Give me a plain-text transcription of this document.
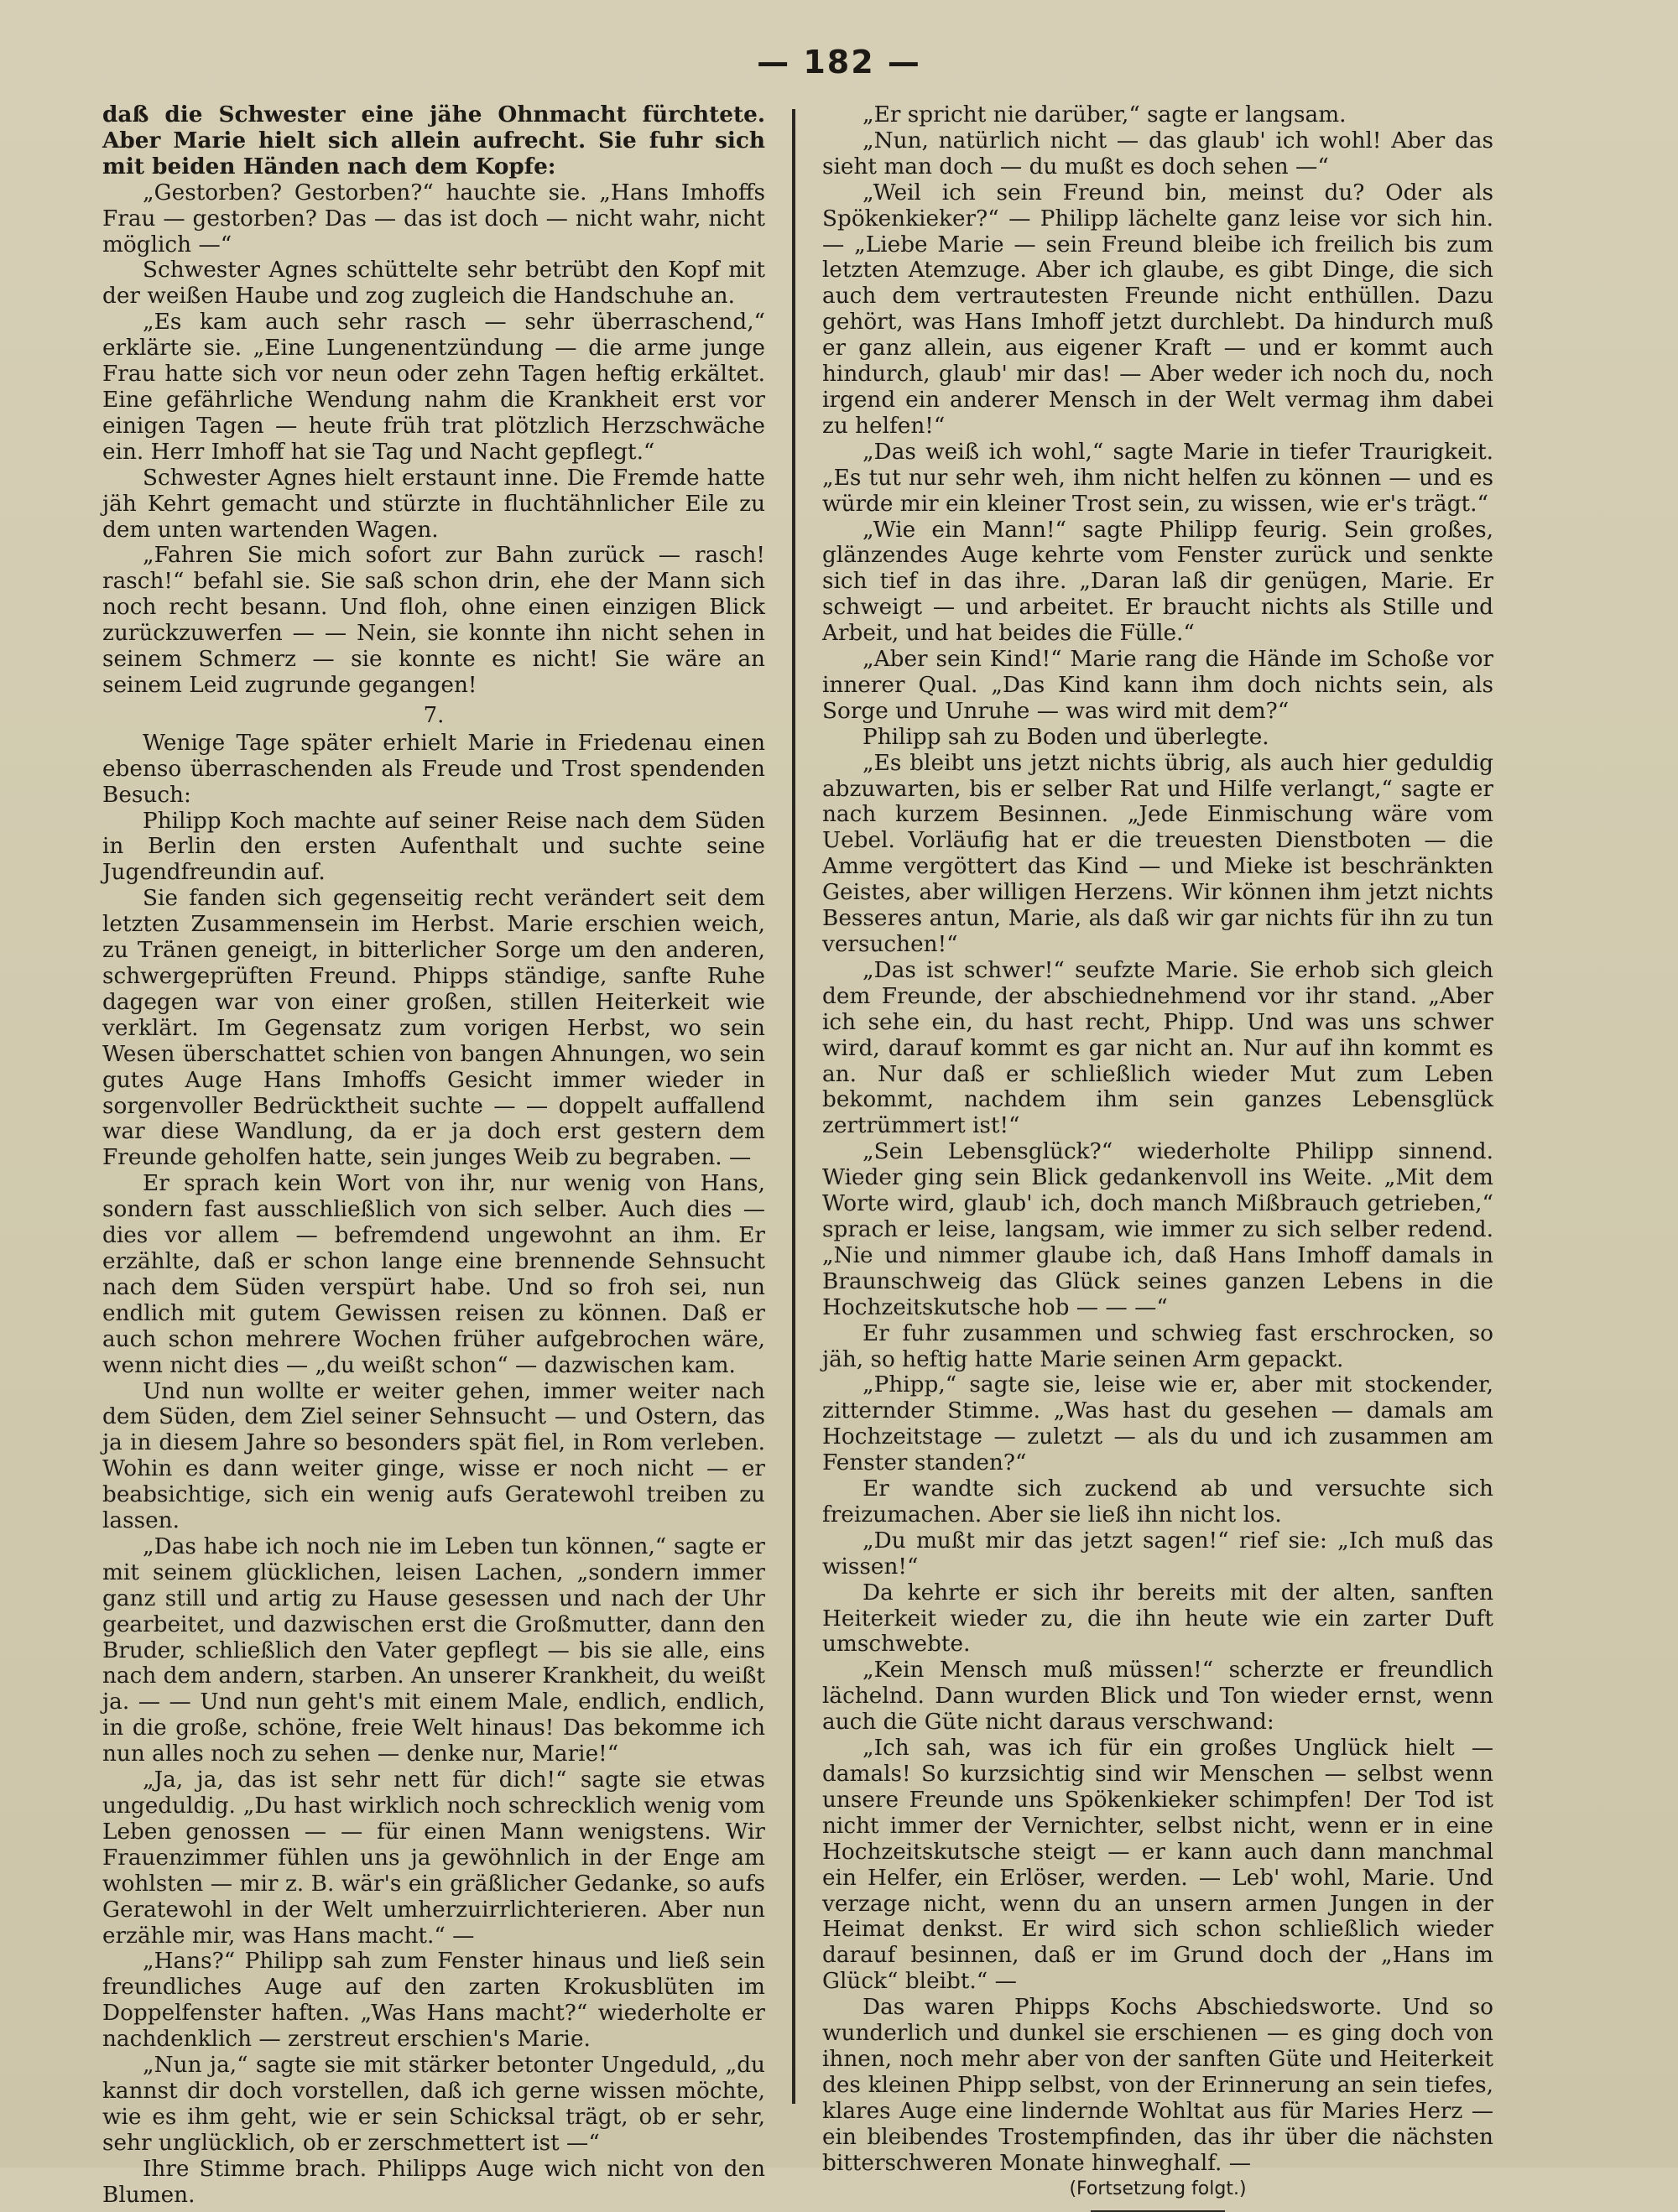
— 182 —

daß die Schwester eine jähe Ohnmacht fürchtete. Aber Marie hielt sich allein aufrecht. Sie fuhr sich mit beiden Händen nach dem Kopfe:

„Gestorben? Gestorben?“ hauchte sie. „Hans Imhoffs Frau — gestorben? Das — das ist doch — nicht wahr, nicht möglich —“

Schwester Agnes schüttelte sehr betrübt den Kopf mit der weißen Haube und zog zugleich die Handschuhe an.

„Es kam auch sehr rasch — sehr überraschend,“ erklärte sie. „Eine Lungenentzündung — die arme junge Frau hatte sich vor neun oder zehn Tagen heftig erkältet. Eine gefährliche Wendung nahm die Krankheit erst vor einigen Tagen — heute früh trat plötzlich Herzschwäche ein. Herr Imhoff hat sie Tag und Nacht gepflegt.“

Schwester Agnes hielt erstaunt inne. Die Fremde hatte jäh Kehrt gemacht und stürzte in fluchtähnlicher Eile zu dem unten wartenden Wagen.

„Fahren Sie mich sofort zur Bahn zurück — rasch! rasch!“ befahl sie. Sie saß schon drin, ehe der Mann sich noch recht besann. Und floh, ohne einen einzigen Blick zurückzuwerfen — — Nein, sie konnte ihn nicht sehen in seinem Schmerz — sie konnte es nicht! Sie wäre an seinem Leid zugrunde gegangen!

7.

Wenige Tage später erhielt Marie in Friedenau einen ebenso überraschenden als Freude und Trost spendenden Besuch:

Philipp Koch machte auf seiner Reise nach dem Süden in Berlin den ersten Aufenthalt und suchte seine Jugendfreundin auf.

Sie fanden sich gegenseitig recht verändert seit dem letzten Zusammensein im Herbst. Marie erschien weich, zu Tränen geneigt, in bitterlicher Sorge um den anderen, schwergeprüften Freund. Phipps ständige, sanfte Ruhe dagegen war von einer großen, stillen Heiterkeit wie verklärt. Im Gegensatz zum vorigen Herbst, wo sein Wesen überschattet schien von bangen Ahnungen, wo sein gutes Auge Hans Imhoffs Gesicht immer wieder in sorgenvoller Bedrücktheit suchte — — doppelt auffallend war diese Wandlung, da er ja doch erst gestern dem Freunde geholfen hatte, sein junges Weib zu begraben. —

Er sprach kein Wort von ihr, nur wenig von Hans, sondern fast ausschließlich von sich selber. Auch dies — dies vor allem — befremdend ungewohnt an ihm. Er erzählte, daß er schon lange eine brennende Sehnsucht nach dem Süden verspürt habe. Und so froh sei, nun endlich mit gutem Gewissen reisen zu können. Daß er auch schon mehrere Wochen früher aufgebrochen wäre, wenn nicht dies — „du weißt schon“ — dazwischen kam.

Und nun wollte er weiter gehen, immer weiter nach dem Süden, dem Ziel seiner Sehnsucht — und Ostern, das ja in diesem Jahre so besonders spät fiel, in Rom verleben. Wohin es dann weiter ginge, wisse er noch nicht — er beabsichtige, sich ein wenig aufs Geratewohl treiben zu lassen.

„Das habe ich noch nie im Leben tun können,“ sagte er mit seinem glücklichen, leisen Lachen, „sondern immer ganz still und artig zu Hause gesessen und nach der Uhr gearbeitet, und dazwischen erst die Großmutter, dann den Bruder, schließlich den Vater gepflegt — bis sie alle, eins nach dem andern, starben. An unserer Krankheit, du weißt ja. — — Und nun geht's mit einem Male, endlich, endlich, in die große, schöne, freie Welt hinaus! Das bekomme ich nun alles noch zu sehen — denke nur, Marie!“

„Ja, ja, das ist sehr nett für dich!“ sagte sie etwas ungeduldig. „Du hast wirklich noch schrecklich wenig vom Leben genossen — — für einen Mann wenigstens. Wir Frauenzimmer fühlen uns ja gewöhnlich in der Enge am wohlsten — mir z. B. wär's ein gräßlicher Gedanke, so aufs Geratewohl in der Welt umherzuirrlichterieren. Aber nun erzähle mir, was Hans macht.“ —

„Hans?“ Philipp sah zum Fenster hinaus und ließ sein freundliches Auge auf den zarten Krokusblüten im Doppelfenster haften. „Was Hans macht?“ wiederholte er nachdenklich — zerstreut erschien's Marie.

„Nun ja,“ sagte sie mit stärker betonter Ungeduld, „du kannst dir doch vorstellen, daß ich gerne wissen möchte, wie es ihm geht, wie er sein Schicksal trägt, ob er sehr, sehr unglücklich, ob er zerschmettert ist —“

Ihre Stimme brach. Philipps Auge wich nicht von den Blumen.

„Er spricht nie darüber,“ sagte er langsam.

„Nun, natürlich nicht — das glaub' ich wohl! Aber das sieht man doch — du mußt es doch sehen —“

„Weil ich sein Freund bin, meinst du? Oder als Spökenkieker?“ — Philipp lächelte ganz leise vor sich hin. — „Liebe Marie — sein Freund bleibe ich freilich bis zum letzten Atemzuge. Aber ich glaube, es gibt Dinge, die sich auch dem vertrautesten Freunde nicht enthüllen. Dazu gehört, was Hans Imhoff jetzt durchlebt. Da hindurch muß er ganz allein, aus eigener Kraft — und er kommt auch hindurch, glaub' mir das! — Aber weder ich noch du, noch irgend ein anderer Mensch in der Welt vermag ihm dabei zu helfen!“

„Das weiß ich wohl,“ sagte Marie in tiefer Traurigkeit. „Es tut nur sehr weh, ihm nicht helfen zu können — und es würde mir ein kleiner Trost sein, zu wissen, wie er's trägt.“

„Wie ein Mann!“ sagte Philipp feurig. Sein großes, glänzendes Auge kehrte vom Fenster zurück und senkte sich tief in das ihre. „Daran laß dir genügen, Marie. Er schweigt — und arbeitet. Er braucht nichts als Stille und Arbeit, und hat beides die Fülle.“

„Aber sein Kind!“ Marie rang die Hände im Schoße vor innerer Qual. „Das Kind kann ihm doch nichts sein, als Sorge und Unruhe — was wird mit dem?“

Philipp sah zu Boden und überlegte.

„Es bleibt uns jetzt nichts übrig, als auch hier geduldig abzuwarten, bis er selber Rat und Hilfe verlangt,“ sagte er nach kurzem Besinnen. „Jede Einmischung wäre vom Uebel. Vorläufig hat er die treuesten Dienstboten — die Amme vergöttert das Kind — und Mieke ist beschränkten Geistes, aber willigen Herzens. Wir können ihm jetzt nichts Besseres antun, Marie, als daß wir gar nichts für ihn zu tun versuchen!“

„Das ist schwer!“ seufzte Marie. Sie erhob sich gleich dem Freunde, der abschiednehmend vor ihr stand. „Aber ich sehe ein, du hast recht, Phipp. Und was uns schwer wird, darauf kommt es gar nicht an. Nur auf ihn kommt es an. Nur daß er schließlich wieder Mut zum Leben bekommt, nachdem ihm sein ganzes Lebensglück zertrümmert ist!“

„Sein Lebensglück?“ wiederholte Philipp sinnend. Wieder ging sein Blick gedankenvoll ins Weite. „Mit dem Worte wird, glaub' ich, doch manch Mißbrauch getrieben,“ sprach er leise, langsam, wie immer zu sich selber redend. „Nie und nimmer glaube ich, daß Hans Imhoff damals in Braunschweig das Glück seines ganzen Lebens in die Hochzeitskutsche hob — — —“

Er fuhr zusammen und schwieg fast erschrocken, so jäh, so heftig hatte Marie seinen Arm gepackt.

„Phipp,“ sagte sie, leise wie er, aber mit stockender, zitternder Stimme. „Was hast du gesehen — damals am Hochzeitstage — zuletzt — als du und ich zusammen am Fenster standen?“

Er wandte sich zuckend ab und versuchte sich freizumachen. Aber sie ließ ihn nicht los.

„Du mußt mir das jetzt sagen!“ rief sie: „Ich muß das wissen!“

Da kehrte er sich ihr bereits mit der alten, sanften Heiterkeit wieder zu, die ihn heute wie ein zarter Duft umschwebte.

„Kein Mensch muß müssen!“ scherzte er freundlich lächelnd. Dann wurden Blick und Ton wieder ernst, wenn auch die Güte nicht daraus verschwand:

„Ich sah, was ich für ein großes Unglück hielt — damals! So kurzsichtig sind wir Menschen — selbst wenn unsere Freunde uns Spökenkieker schimpfen! Der Tod ist nicht immer der Vernichter, selbst nicht, wenn er in eine Hochzeitskutsche steigt — er kann auch dann manchmal ein Helfer, ein Erlöser, werden. — Leb' wohl, Marie. Und verzage nicht, wenn du an unsern armen Jungen in der Heimat denkst. Er wird sich schon schließlich wieder darauf besinnen, daß er im Grund doch der „Hans im Glück“ bleibt.“ —

Das waren Phipps Kochs Abschiedsworte. Und so wunderlich und dunkel sie erschienen — es ging doch von ihnen, noch mehr aber von der sanften Güte und Heiterkeit des kleinen Phipp selbst, von der Erinnerung an sein tiefes, klares Auge eine lindernde Wohltat aus für Maries Herz — ein bleibendes Trostempfinden, das ihr über die nächsten bitterschweren Monate hinweghalf. —

(Fortsetzung folgt.)
